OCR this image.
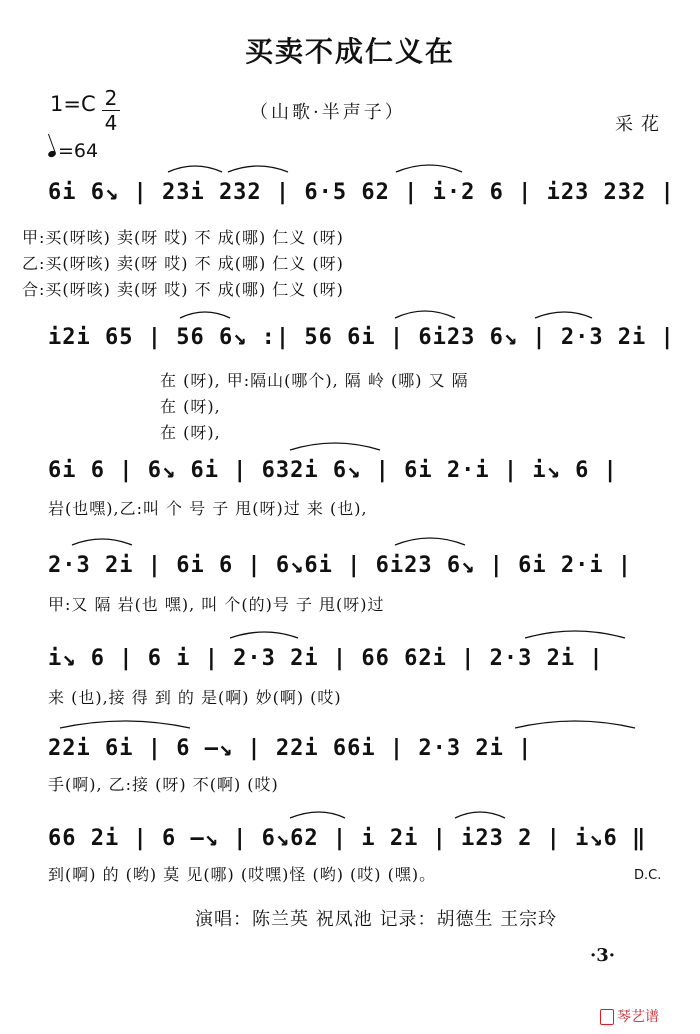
买卖不成仁义在
1=C 2
4
=64
（山歌·半声子）
采花
6i 6↘ | 23i 232 | 6·5 62 | i·2 6 | i23 232 |
甲:买(呀咳) 卖(呀 哎) 不 成(哪) 仁义 (呀)
乙:买(呀咳) 卖(呀 哎) 不 成(哪) 仁义 (呀)
合:买(呀咳) 卖(呀 哎) 不 成(哪) 仁义 (呀)
i2i 65 | 56 6↘ :| 56 6i | 6i23 6↘ | 2·3 2i |
在 (呀), 甲:隔山(哪个), 隔 岭 (哪) 又 隔
在 (呀),
在 (呀),
6i 6 | 6↘ 6i | 632i 6↘ | 6i 2·i | i↘ 6 |
岩(也嘿),乙:叫 个 号 子 甩(呀)过 来 (也),
2·3 2i | 6i 6 | 6↘6i | 6i23 6↘ | 6i 2·i |
甲:又 隔 岩(也 嘿), 叫 个(的)号 子 甩(呀)过
i↘ 6 | 6 i | 2·3 2i | 66 62i | 2·3 2i |
来 (也),接 得 到 的 是(啊) 妙(啊) (哎)
22i 6i | 6 –↘ | 22i 66i | 2·3 2i |
手(啊), 乙:接 (呀) 不(啊) (哎)
66 2i | 6 –↘ | 6↘62 | i 2i | i23 2 | i↘6 ‖
到(啊) 的 (哟) 莫 见(哪) (哎嘿)怪 (哟) (哎) (嘿)。	D.C.
演唱：陈兰英 祝凤池 记录：胡德生 王宗玲
·3·
琴艺谱
